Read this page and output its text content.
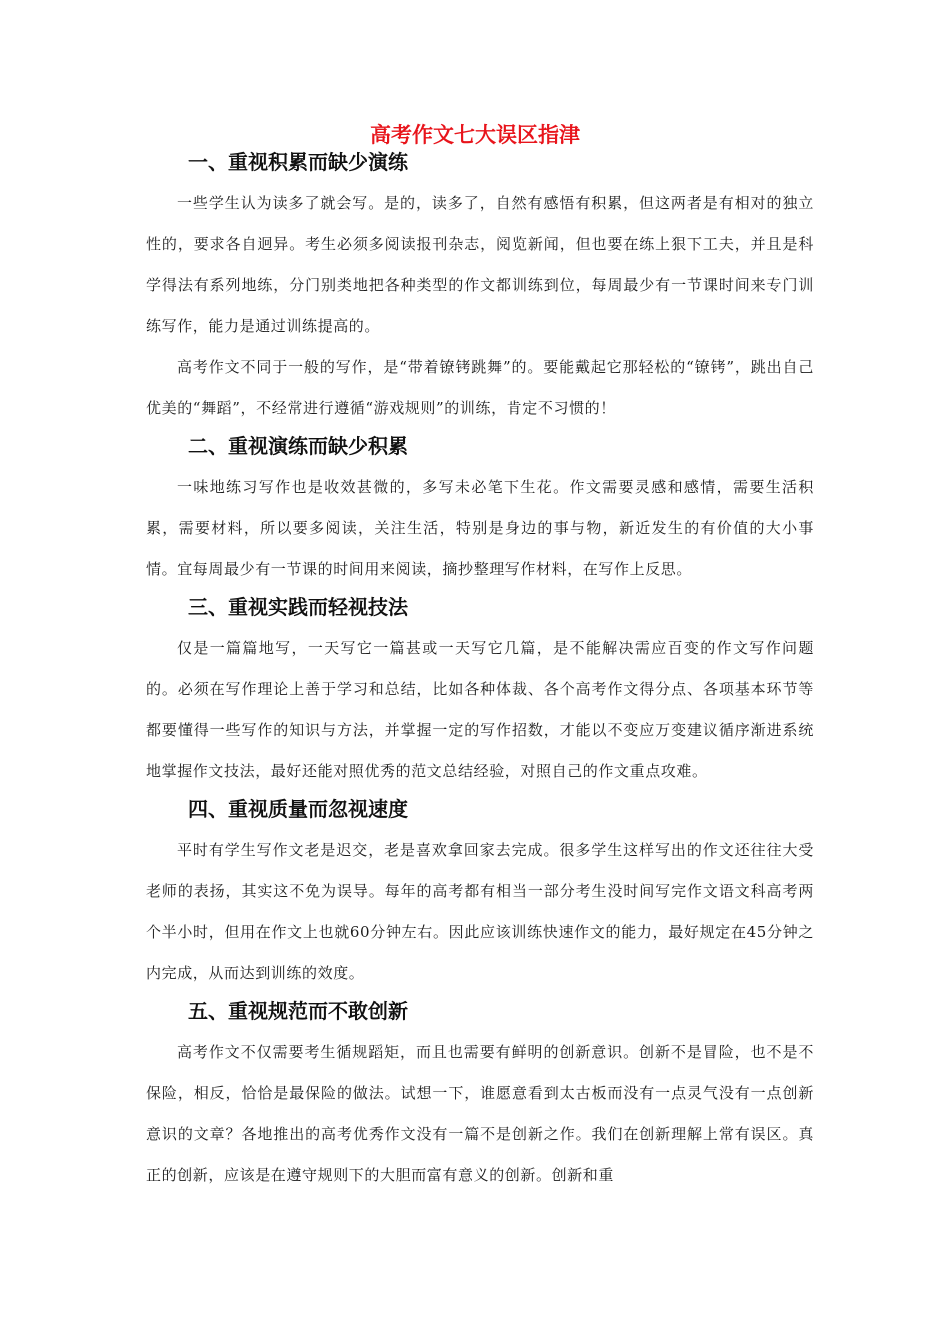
高考作文七大误区指津
一、重视积累而缺少演练

一些学生认为读多了就会写。是的，读多了，自然有感悟有积累，但这两者是有相对的独立性的，要求各自迥异。考生必须多阅读报刊杂志，阅览新闻，但也要在练上狠下工夫，并且是科学得法有系列地练，分门别类地把各种类型的作文都训练到位，每周最少有一节课时间来专门训练写作，能力是通过训练提高的。

高考作文不同于一般的写作，是“带着镣铐跳舞”的。要能戴起它那轻松的“镣铐”，跳出自己优美的“舞蹈”，不经常进行遵循“游戏规则”的训练，肯定不习惯的！

二、重视演练而缺少积累

一味地练习写作也是收效甚微的，多写未必笔下生花。作文需要灵感和感情，需要生活积累，需要材料，所以要多阅读，关注生活，特别是身边的事与物，新近发生的有价值的大小事情。宜每周最少有一节课的时间用来阅读，摘抄整理写作材料，在写作上反思。

三、重视实践而轻视技法

仅是一篇篇地写，一天写它一篇甚或一天写它几篇，是不能解决需应百变的作文写作问题的。必须在写作理论上善于学习和总结，比如各种体裁、各个高考作文得分点、各项基本环节等都要懂得一些写作的知识与方法，并掌握一定的写作招数，才能以不变应万变建议循序渐进系统地掌握作文技法，最好还能对照优秀的范文总结经验，对照自己的作文重点攻难。

四、重视质量而忽视速度

平时有学生写作文老是迟交，老是喜欢拿回家去完成。很多学生这样写出的作文还往往大受老师的表扬，其实这不免为误导。每年的高考都有相当一部分考生没时间写完作文语文科高考两个半小时，但用在作文上也就60分钟左右。因此应该训练快速作文的能力，最好规定在45分钟之内完成，从而达到训练的效度。

五、重视规范而不敢创新

高考作文不仅需要考生循规蹈矩，而且也需要有鲜明的创新意识。创新不是冒险，也不是不保险，相反，恰恰是最保险的做法。试想一下，谁愿意看到太古板而没有一点灵气没有一点创新意识的文章？各地推出的高考优秀作文没有一篇不是创新之作。我们在创新理解上常有误区。真正的创新，应该是在遵守规则下的大胆而富有意义的创新。创新和重
